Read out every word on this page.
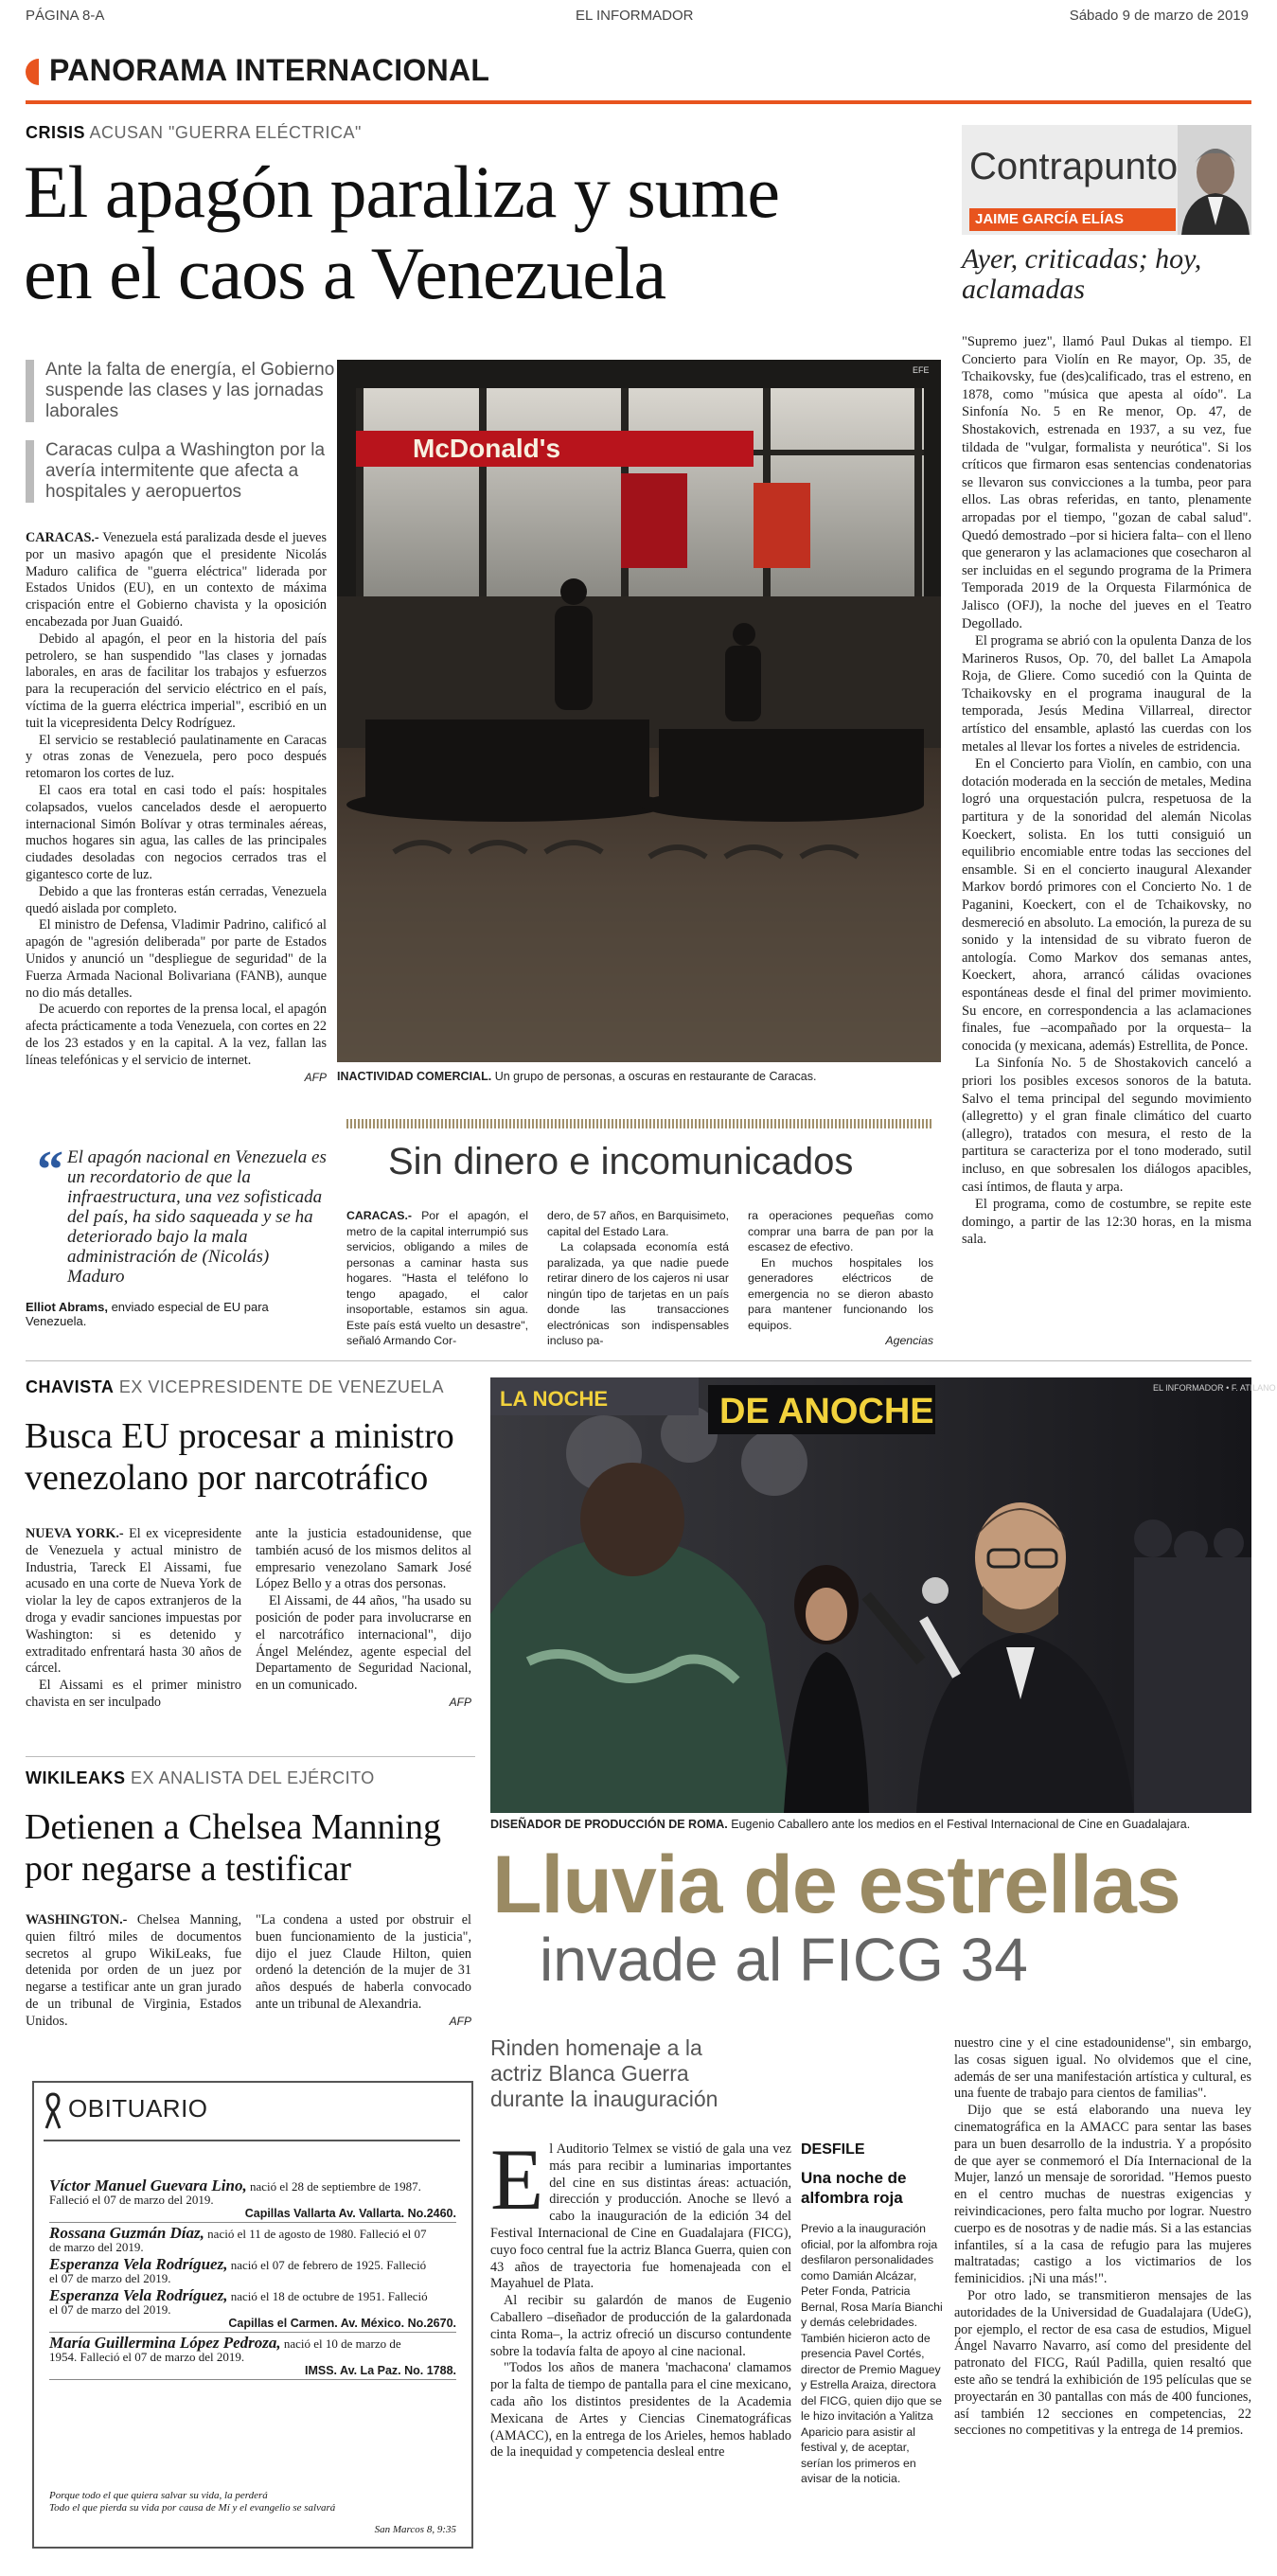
PÁGINA 8-A	EL INFORMADOR	Sábado 9 de marzo de 2019
PANORAMA INTERNACIONAL
CRISIS ACUSAN "GUERRA ELÉCTRICA"
El apagón paraliza y sume
en el caos a Venezuela
Ante la falta de energía, el Gobierno suspende las clases y las jornadas laborales
Caracas culpa a Washington por la avería intermitente que afecta a hospitales y aeropuertos

CARACAS.- Venezuela está paralizada desde el jueves por un masivo apagón que el presidente Nicolás Maduro califica de "guerra eléctrica" liderada por Estados Unidos (EU), en un contexto de máxima crispación entre el Gobierno chavista y la oposición encabezada por Juan Guaidó.

Debido al apagón, el peor en la historia del país petrolero, se han suspendido "las clases y jornadas laborales, en aras de facilitar los trabajos y esfuerzos para la recuperación del servicio eléctrico en el país, víctima de la guerra eléctrica imperial", escribió en un tuit la vicepresidenta Delcy Rodríguez.

El servicio se restableció paulatinamente en Caracas y otras zonas de Venezuela, pero poco después retomaron los cortes de luz.

El caos era total en casi todo el país: hospitales colapsados, vuelos cancelados desde el aeropuerto internacional Simón Bolívar y otras terminales aéreas, muchos hogares sin agua, las calles de las principales ciudades desoladas con negocios cerrados tras el gigantesco corte de luz.

Debido a que las fronteras están cerradas, Venezuela quedó aislada por completo.

El ministro de Defensa, Vladimir Padrino, calificó al apagón de "agresión deliberada" por parte de Estados Unidos y anunció un "despliegue de seguridad" de la Fuerza Armada Nacional Bolivariana (FANB), aunque no dio más detalles.

De acuerdo con reportes de la prensa local, el apagón afecta prácticamente a toda Venezuela, con cortes en 22 de los 23 estados y en la capital. A la vez, fallan las líneas telefónicas y el servicio de internet.

AFP
McDonald's
EFE
INACTIVIDAD COMERCIAL. Un grupo de personas, a oscuras en restaurante de Caracas.
“ El apagón nacional en Venezuela es un recordatorio de que la infraestructura, una vez sofisticada del país, ha sido saqueada y se ha deteriorado bajo la mala administración de (Nicolás) Maduro
Elliot Abrams, enviado especial de EU para Venezuela.
Sin dinero e incomunicados

CARACAS.- Por el apagón, el metro de la capital interrumpió sus servicios, obligando a miles de personas a caminar hasta sus hogares. "Hasta el teléfono lo tengo apagado, el calor insoportable, estamos sin agua. Este país está vuelto un desastre", señaló Armando Cor-

dero, de 57 años, en Barquisimeto, capital del Estado Lara.

La colapsada economía está paralizada, ya que nadie puede retirar dinero de los cajeros ni usar ningún tipo de tarjetas en un país donde las transacciones electrónicas son indispensables incluso pa-

ra operaciones pequeñas como comprar una barra de pan por la escasez de efectivo.

En muchos hospitales los generadores eléctricos de emergencia no se dieron abasto para mantener funcionando los equipos.

Agencias
Contrapunto
JAIME GARCÍA ELÍAS
Ayer, criticadas; hoy, aclamadas

"Supremo juez", llamó Paul Dukas al tiempo. El Concierto para Violín en Re mayor, Op. 35, de Tchaikovsky, fue (des)calificado, tras el estreno, en 1878, como "música que apesta al oído". La Sinfonía No. 5 en Re menor, Op. 47, de Shostakovich, estrenada en 1937, a su vez, fue tildada de "vulgar, formalista y neurótica". Si los críticos que firmaron esas sentencias condenatorias se llevaron sus convicciones a la tumba, peor para ellos. Las obras referidas, en tanto, plenamente arropadas por el tiempo, "gozan de cabal salud". Quedó demostrado –por si hiciera falta– con el lleno que generaron y las aclamaciones que cosecharon al ser incluidas en el segundo programa de la Primera Temporada 2019 de la Orquesta Filarmónica de Jalisco (OFJ), la noche del jueves en el Teatro Degollado.

El programa se abrió con la opulenta Danza de los Marineros Rusos, Op. 70, del ballet La Amapola Roja, de Gliere. Como sucedió con la Quinta de Tchaikovsky en el programa inaugural de la temporada, Jesús Medina Villarreal, director artístico del ensamble, aplastó las cuerdas con los metales al llevar los fortes a niveles de estridencia.

En el Concierto para Violín, en cambio, con una dotación moderada en la sección de metales, Medina logró una orquestación pulcra, respetuosa de la partitura y de la sonoridad del alemán Nicolas Koeckert, solista. En los tutti consiguió un equilibrio encomiable entre todas las secciones del ensamble. Si en el concierto inaugural Alexander Markov bordó primores con el Concierto No. 1 de Paganini, Koeckert, con el de Tchaikovsky, no desmereció en absoluto. La emoción, la pureza de su sonido y la intensidad de su vibrato fueron de antología. Como Markov dos semanas antes, Koeckert, ahora, arrancó cálidas ovaciones espontáneas desde el final del primer movimiento. Su encore, en correspondencia a las aclamaciones finales, fue –acompañado por la orquesta– la conocida (y mexicana, además) Estrellita, de Ponce.

La Sinfonía No. 5 de Shostakovich canceló a priori los posibles excesos sonoros de la batuta. Salvo el tema principal del segundo movimiento (allegretto) y el gran finale climático del cuarto (allegro), tratados con mesura, el resto de la partitura se caracteriza por el tono moderado, sutil incluso, en que sobresalen los diálogos apacibles, casi íntimos, de flauta y arpa.

El programa, como de costumbre, se repite este domingo, a partir de las 12:30 horas, en la misma sala.

CHAVISTA EX VICEPRESIDENTE DE VENEZUELA
Busca EU procesar a ministro
venezolano por narcotráfico

NUEVA YORK.- El ex vicepresidente de Venezuela y actual ministro de Industria, Tareck El Aissami, fue acusado en una corte de Nueva York de violar la ley de capos extranjeros de la droga y evadir sanciones impuestas por Washington: si es detenido y extraditado enfrentará hasta 30 años de cárcel.

El Aissami es el primer ministro chavista en ser inculpado

ante la justicia estadounidense, que también acusó de los mismos delitos al empresario venezolano Samark José López Bello y a otras dos personas.

El Aissami, de 44 años, "ha usado su posición de poder para involucrarse en el narcotráfico internacional", dijo Ángel Meléndez, agente especial del Departamento de Seguridad Nacional, en un comunicado.

AFP
WIKILEAKS EX ANALISTA DEL EJÉRCITO
Detienen a Chelsea Manning
por negarse a testificar

WASHINGTON.- Chelsea Manning, quien filtró miles de documentos secretos al grupo WikiLeaks, fue detenida por orden de un juez por negarse a testificar ante un gran jurado de un tribunal de Virginia, Estados Unidos.

"La condena a usted por obstruir el buen funcionamiento de la justicia", dijo el juez Claude Hilton, quien ordenó la detención de la mujer de 31 años después de haberla convocado ante un tribunal de Alexandria.

AFP
OBITUARIO
Víctor Manuel Guevara Lino, nació el 28 de septiembre de 1987.
Falleció el 07 de marzo del 2019.
Capillas Vallarta Av. Vallarta. No.2460.
Rossana Guzmán Díaz, nació el 11 de agosto de 1980. Falleció el 07
de marzo del 2019.
Esperanza Vela Rodríguez, nació el 07 de febrero de 1925. Falleció
el 07 de marzo del 2019.
Esperanza Vela Rodríguez, nació el 18 de octubre de 1951. Falleció
el 07 de marzo del 2019.
Capillas el Carmen. Av. México. No.2670.
María Guillermina López Pedroza, nació el 10 de marzo de
1954. Falleció el 07 de marzo del 2019.
IMSS. Av. La Paz. No. 1788.
Porque todo el que quiera salvar su vida, la perderá
Todo el que pierda su vida por causa de Mí y el evangelio se salvará
San Marcos 8, 9:35
LA NOCHE	DE ANOCHE
EL INFORMADOR • F. ATILANO
DISEÑADOR DE PRODUCCIÓN DE ROMA. Eugenio Caballero ante los medios en el Festival Internacional de Cine en Guadalajara.
Lluvia de estrellas
invade al FICG 34
Rinden homenaje a la actriz Blanca Guerra durante la inauguración
E l Auditorio Telmex se vistió de gala una vez más para recibir a luminarias importantes del cine en sus distintas áreas: actuación, dirección y producción. Anoche se llevó a cabo la inauguración de la edición 34 del Festival Internacional de Cine en Guadalajara (FICG), cuyo foco central fue la actriz Blanca Guerra, quien con 43 años de trayectoria fue homenajeada con el Mayahuel de Plata.

Al recibir su galardón de manos de Eugenio Caballero –diseñador de producción de la galardonada cinta Roma–, la actriz ofreció un discurso contundente sobre la todavía falta de apoyo al cine nacional.

"Todos los años de manera 'machacona' clamamos por la falta de tiempo de pantalla para el cine mexicano, cada año los distintos presidentes de la Academia Mexicana de Artes y Ciencias Cinematográficas (AMACC), en la entrega de los Arieles, hemos hablado de la inequidad y competencia desleal entre

DESFILE
Una noche de alfombra roja
Previo a la inauguración oficial, por la alfombra roja desfilaron personalidades como Damián Alcázar, Peter Fonda, Patricia Bernal, Rosa María Bianchi y demás celebridades. También hicieron acto de presencia Pavel Cortés, director de Premio Maguey y Estrella Araiza, directora del FICG, quien dijo que se le hizo invitación a Yalitza Aparicio para asistir al festival y, de aceptar, serían los primeros en avisar de la noticia.

nuestro cine y el cine estadounidense", sin embargo, las cosas siguen igual. No olvidemos que el cine, además de ser una manifestación artística y cultural, es una fuente de trabajo para cientos de familias".

Dijo que se está elaborando una nueva ley cinematográfica en la AMACC para sentar las bases para un buen desarrollo de la industria. Y a propósito de que ayer se conmemoró el Día Internacional de la Mujer, lanzó un mensaje de sororidad. "Hemos puesto en el centro muchas de nuestras exigencias y reivindicaciones, pero falta mucho por lograr. Nuestro cuerpo es de nosotras y de nadie más. Si a las estancias infantiles, sí a la casa de refugio para las mujeres maltratadas; castigo a los victimarios de los feminicidios. ¡Ni una más!".

Por otro lado, se transmitieron mensajes de las autoridades de la Universidad de Guadalajara (UdeG), por ejemplo, el rector de esa casa de estudios, Miguel Ángel Navarro Navarro, así como del presidente del patronato del FICG, Raúl Padilla, quien resaltó que este año se tendrá la exhibición de 195 películas que se proyectarán en 30 pantallas con más de 400 funciones, así también 12 secciones en competencias, 22 secciones no competitivas y la entrega de 14 premios.
